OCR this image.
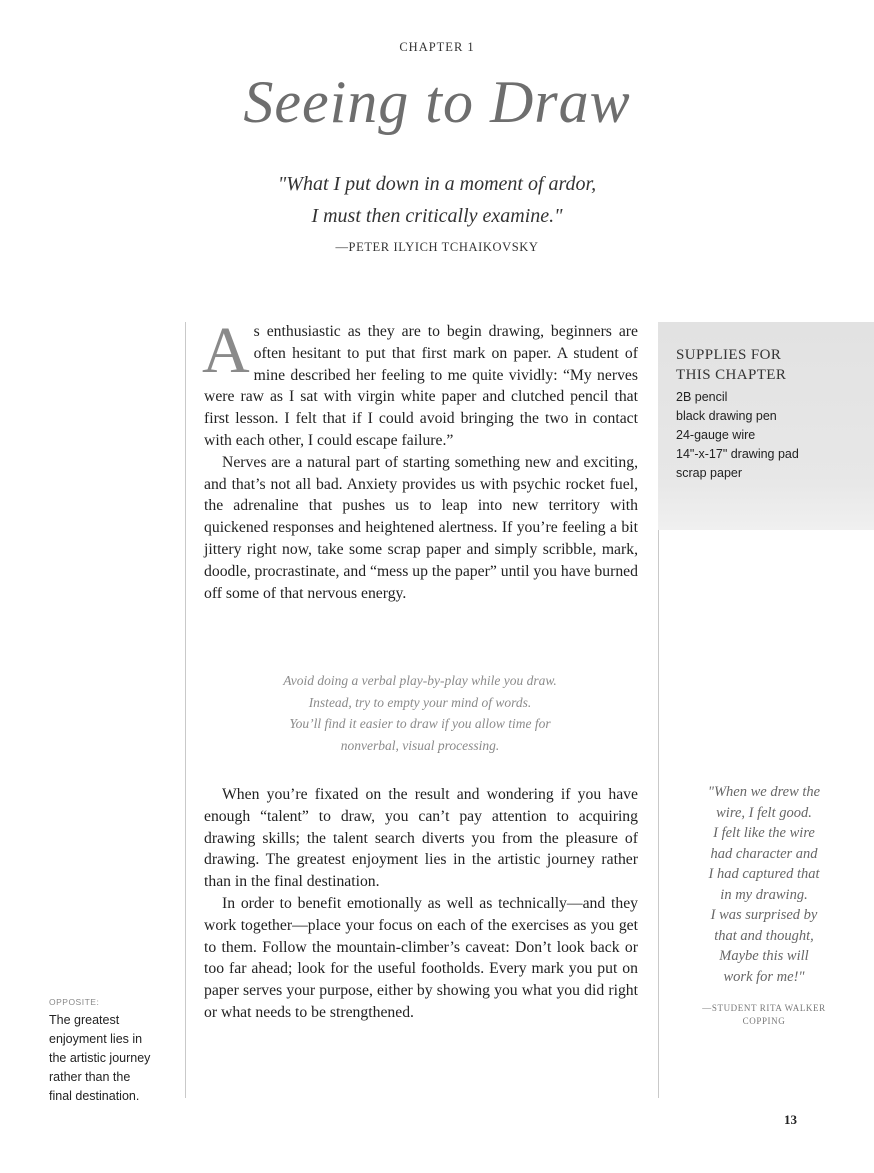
CHAPTER 1
Seeing to Draw
"What I put down in a moment of ardor,
I must then critically examine."
—PETER ILYICH TCHAIKOVSKY
SUPPLIES FOR
THIS CHAPTER
2B pencil
black drawing pen
24-gauge wire
14"-x-17" drawing pad
scrap paper

As enthusiastic as they are to begin drawing, beginners are often hesitant to put that first mark on paper. A student of mine described her feeling to me quite vividly: “My nerves were raw as I sat with virgin white paper and clutched pencil that first lesson. I felt that if I could avoid bringing the two in contact with each other, I could escape failure.”

Nerves are a natural part of starting something new and exciting, and that’s not all bad. Anxiety provides us with psychic rocket fuel, the adrenaline that pushes us to leap into new territory with quickened responses and heightened alertness. If you’re feeling a bit jittery right now, take some scrap paper and simply scribble, mark, doodle, procrastinate, and “mess up the paper” until you have burned off some of that nervous energy.

Avoid doing a verbal play-by-play while you draw.
Instead, try to empty your mind of words.
You’ll find it easier to draw if you allow time for
nonverbal, visual processing.

When you’re fixated on the result and wondering if you have enough “talent” to draw, you can’t pay attention to acquiring drawing skills; the talent search diverts you from the pleasure of drawing. The greatest enjoyment lies in the artistic journey rather than in the final destination.

In order to benefit emotionally as well as technically—and they work together—place your focus on each of the exercises as you get to them. Follow the mountain-climber’s caveat: Don’t look back or too far ahead; look for the useful footholds. Every mark you put on paper serves your purpose, either by showing you what you did right or what needs to be strengthened.

"When we drew the
wire, I felt good.
I felt like the wire
had character and
I had captured that
in my drawing.
I was surprised by
that and thought,
Maybe this will
work for me!"
—STUDENT RITA WALKER
COPPING
OPPOSITE:
The greatest
enjoyment lies in
the artistic journey
rather than the
final destination.
13
